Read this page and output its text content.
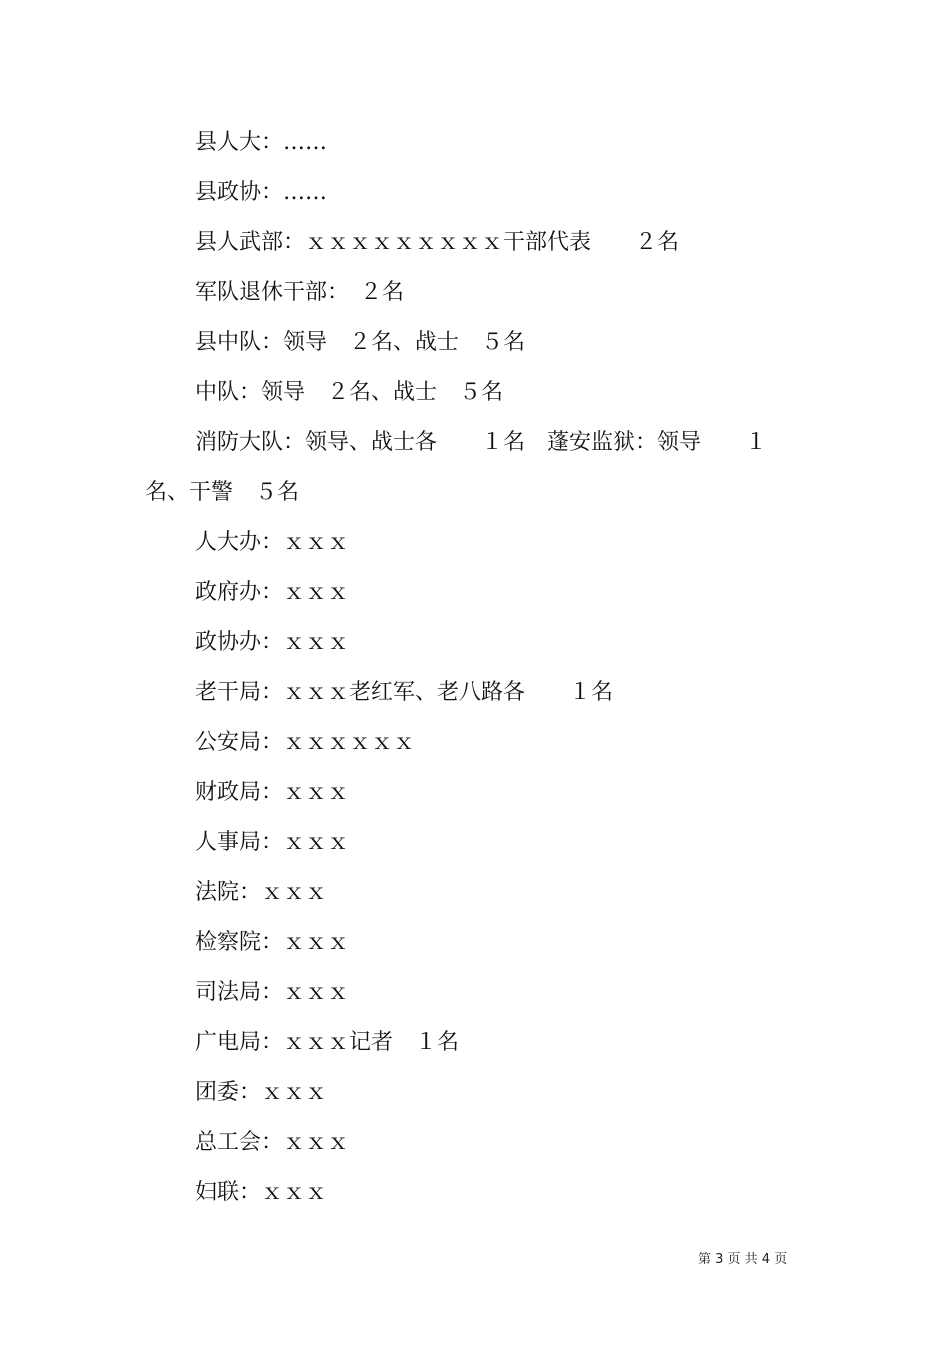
县人大：……
县政协：……
县人武部：ｘｘｘｘｘｘｘｘｘ干部代表　　２名
军队退休干部：　２名
县中队：领导　２名、战士　５名
中队：领导　２名、战士　５名
消防大队：领导、战士各　　１名　蓬安监狱：领导　　１名、干警　５名
人大办：ｘｘｘ
政府办：ｘｘｘ
政协办：ｘｘｘ
老干局：ｘｘｘ老红军、老八路各　　１名
公安局：ｘｘｘｘｘｘ
财政局：ｘｘｘ
人事局：ｘｘｘ
法院：ｘｘｘ
检察院：ｘｘｘ
司法局：ｘｘｘ
广电局：ｘｘｘ记者　１名
团委：ｘｘｘ
总工会：ｘｘｘ
妇联：ｘｘｘ
第 3 页 共 4 页
